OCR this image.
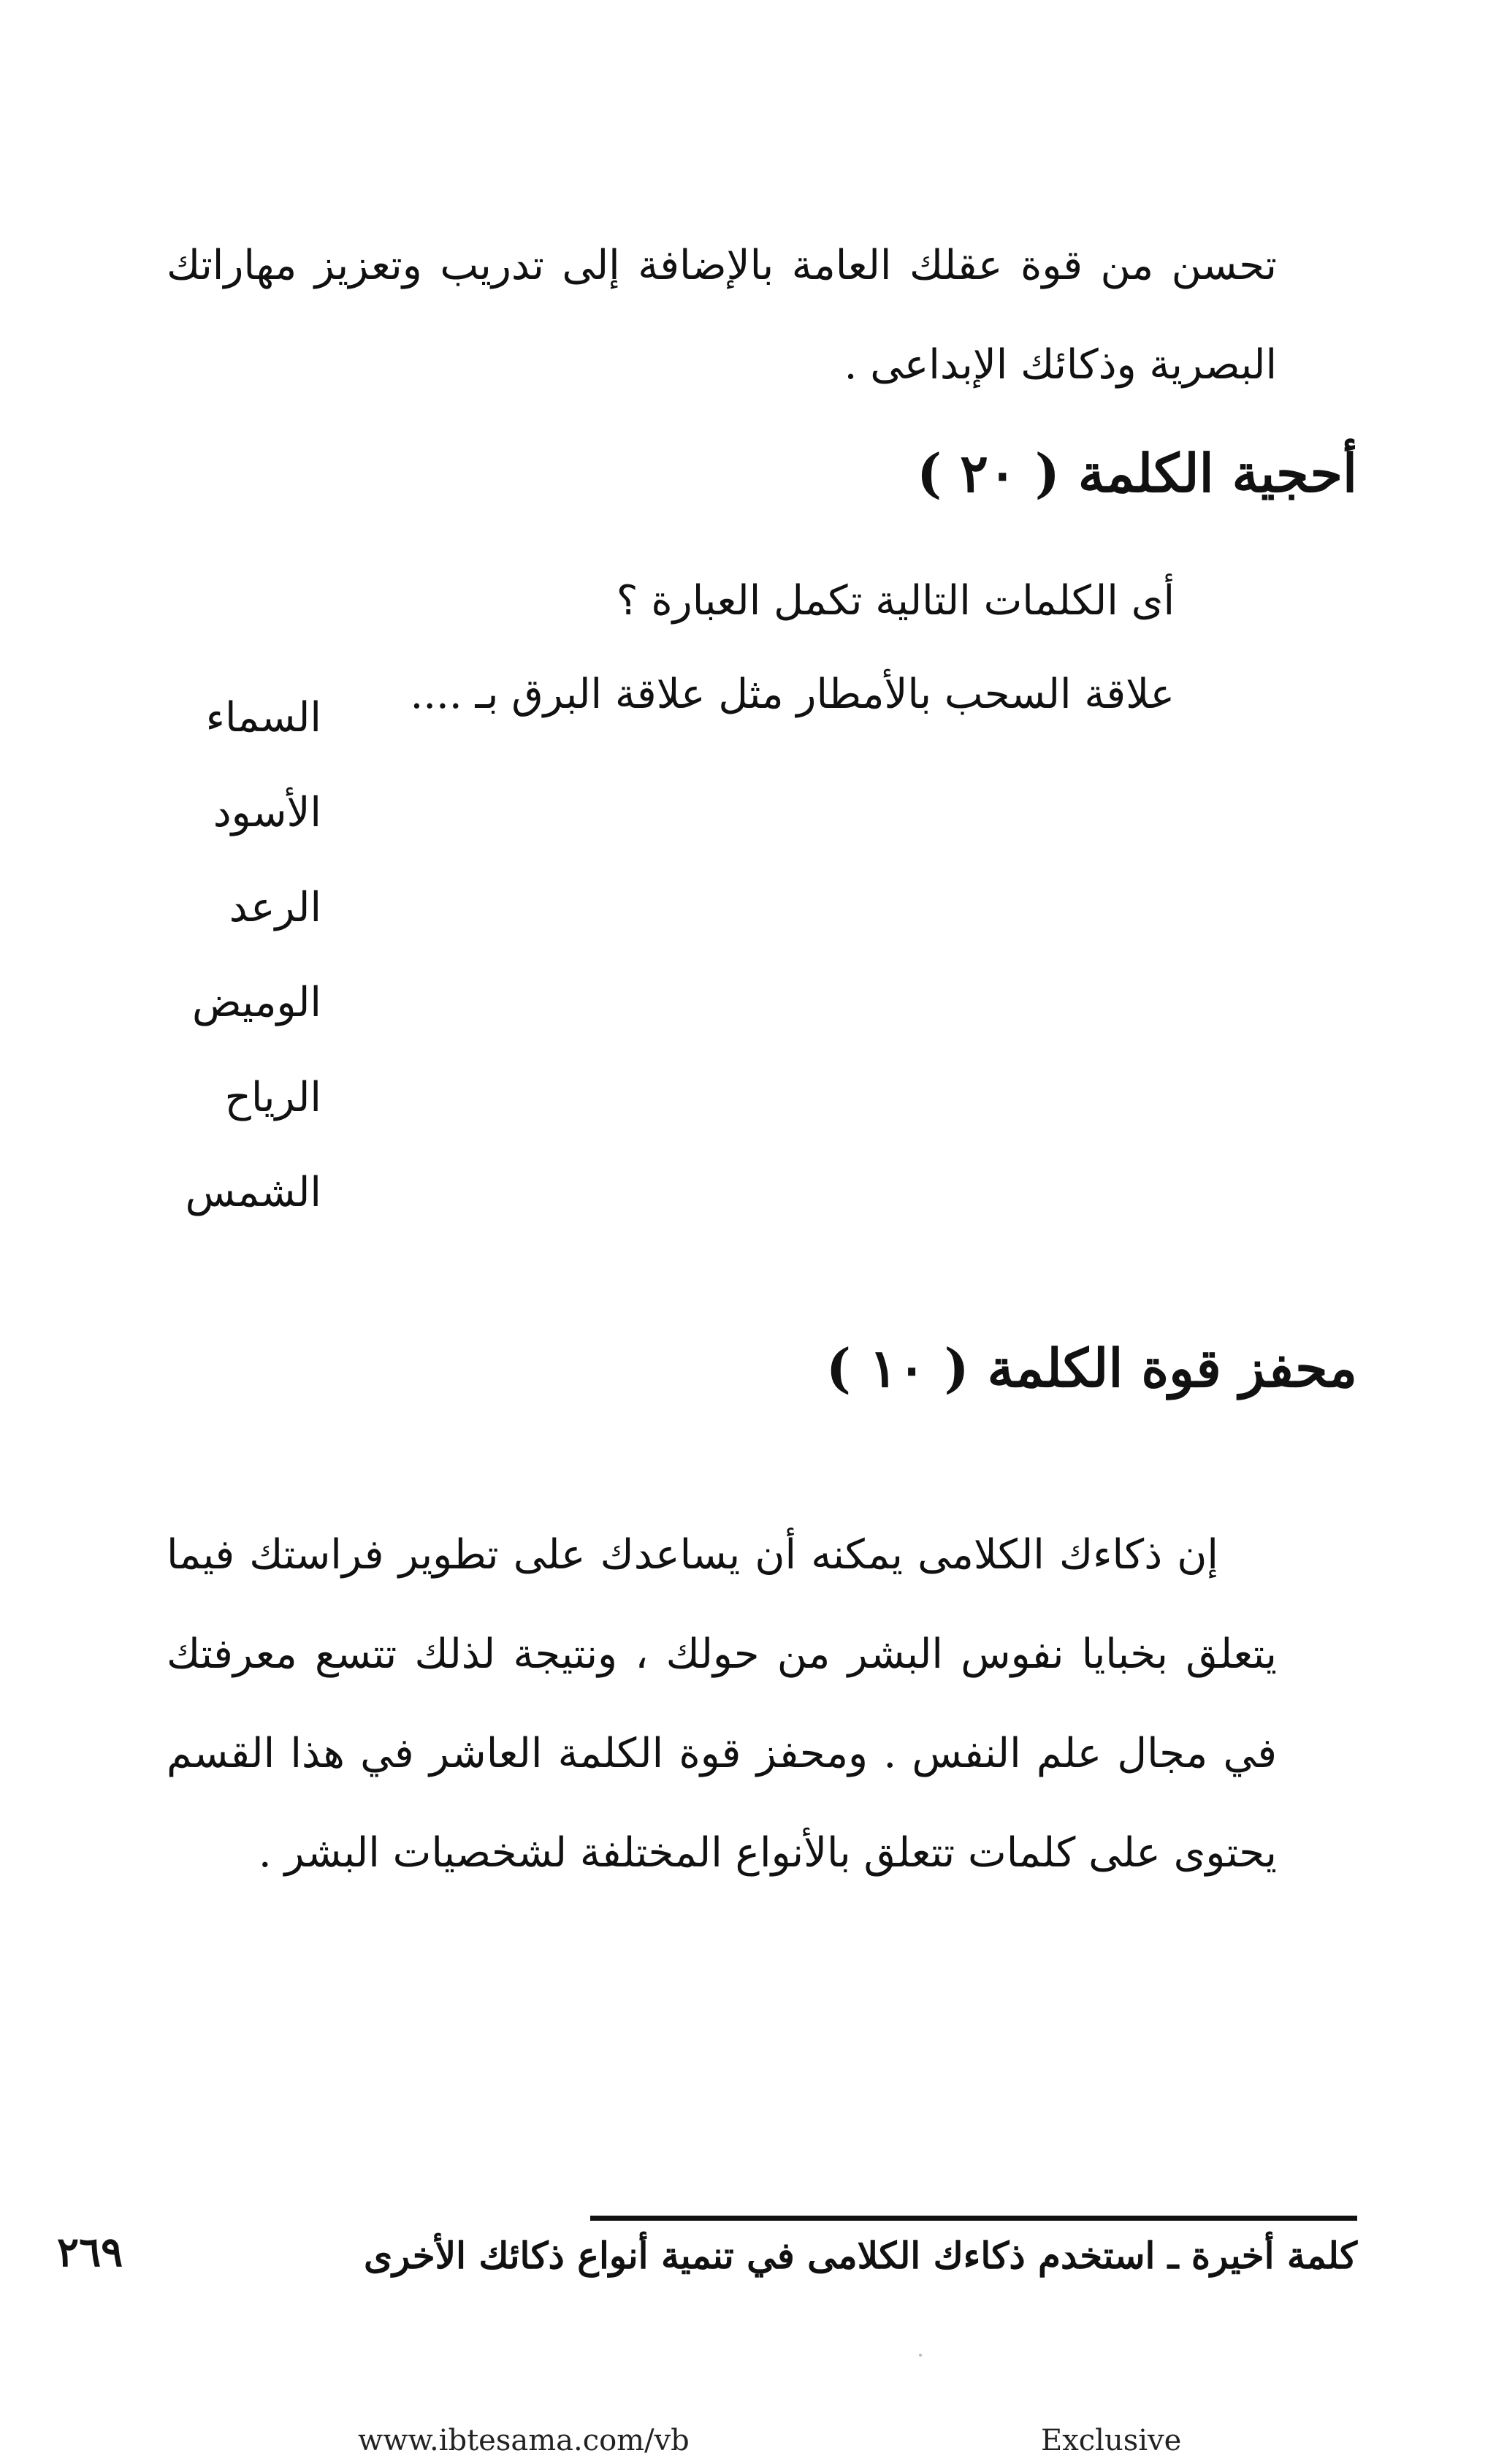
تحسن من قوة عقلك العامة بالإضافة إلى تدريب وتعزيز مهاراتك البصرية وذكائك الإبداعى .

أحجية الكلمة ( ٢٠ )
أى الكلمات التالية تكمل العبارة ؟
علاقة السحب بالأمطار مثل علاقة البرق بـ ....
السماء
الأسود
الرعد
الوميض
الرياح
الشمس
محفز قوة الكلمة ( ١٠ )

إن ذكاءك الكلامى يمكنه أن يساعدك على تطوير فراستك فيما يتعلق بخبايا نفوس البشر من حولك ، ونتيجة لذلك تتسع معرفتك في مجال علم النفس . ومحفز قوة الكلمة العاشر في هذا القسم يحتوى على كلمات تتعلق بالأنواع المختلفة لشخصيات البشر .

كلمة أخيرة ـ استخدم ذكاءك الكلامى في تنمية أنواع ذكائك الأخرى
٢٦٩
www.ibtesama.com/vb	Exclusive
